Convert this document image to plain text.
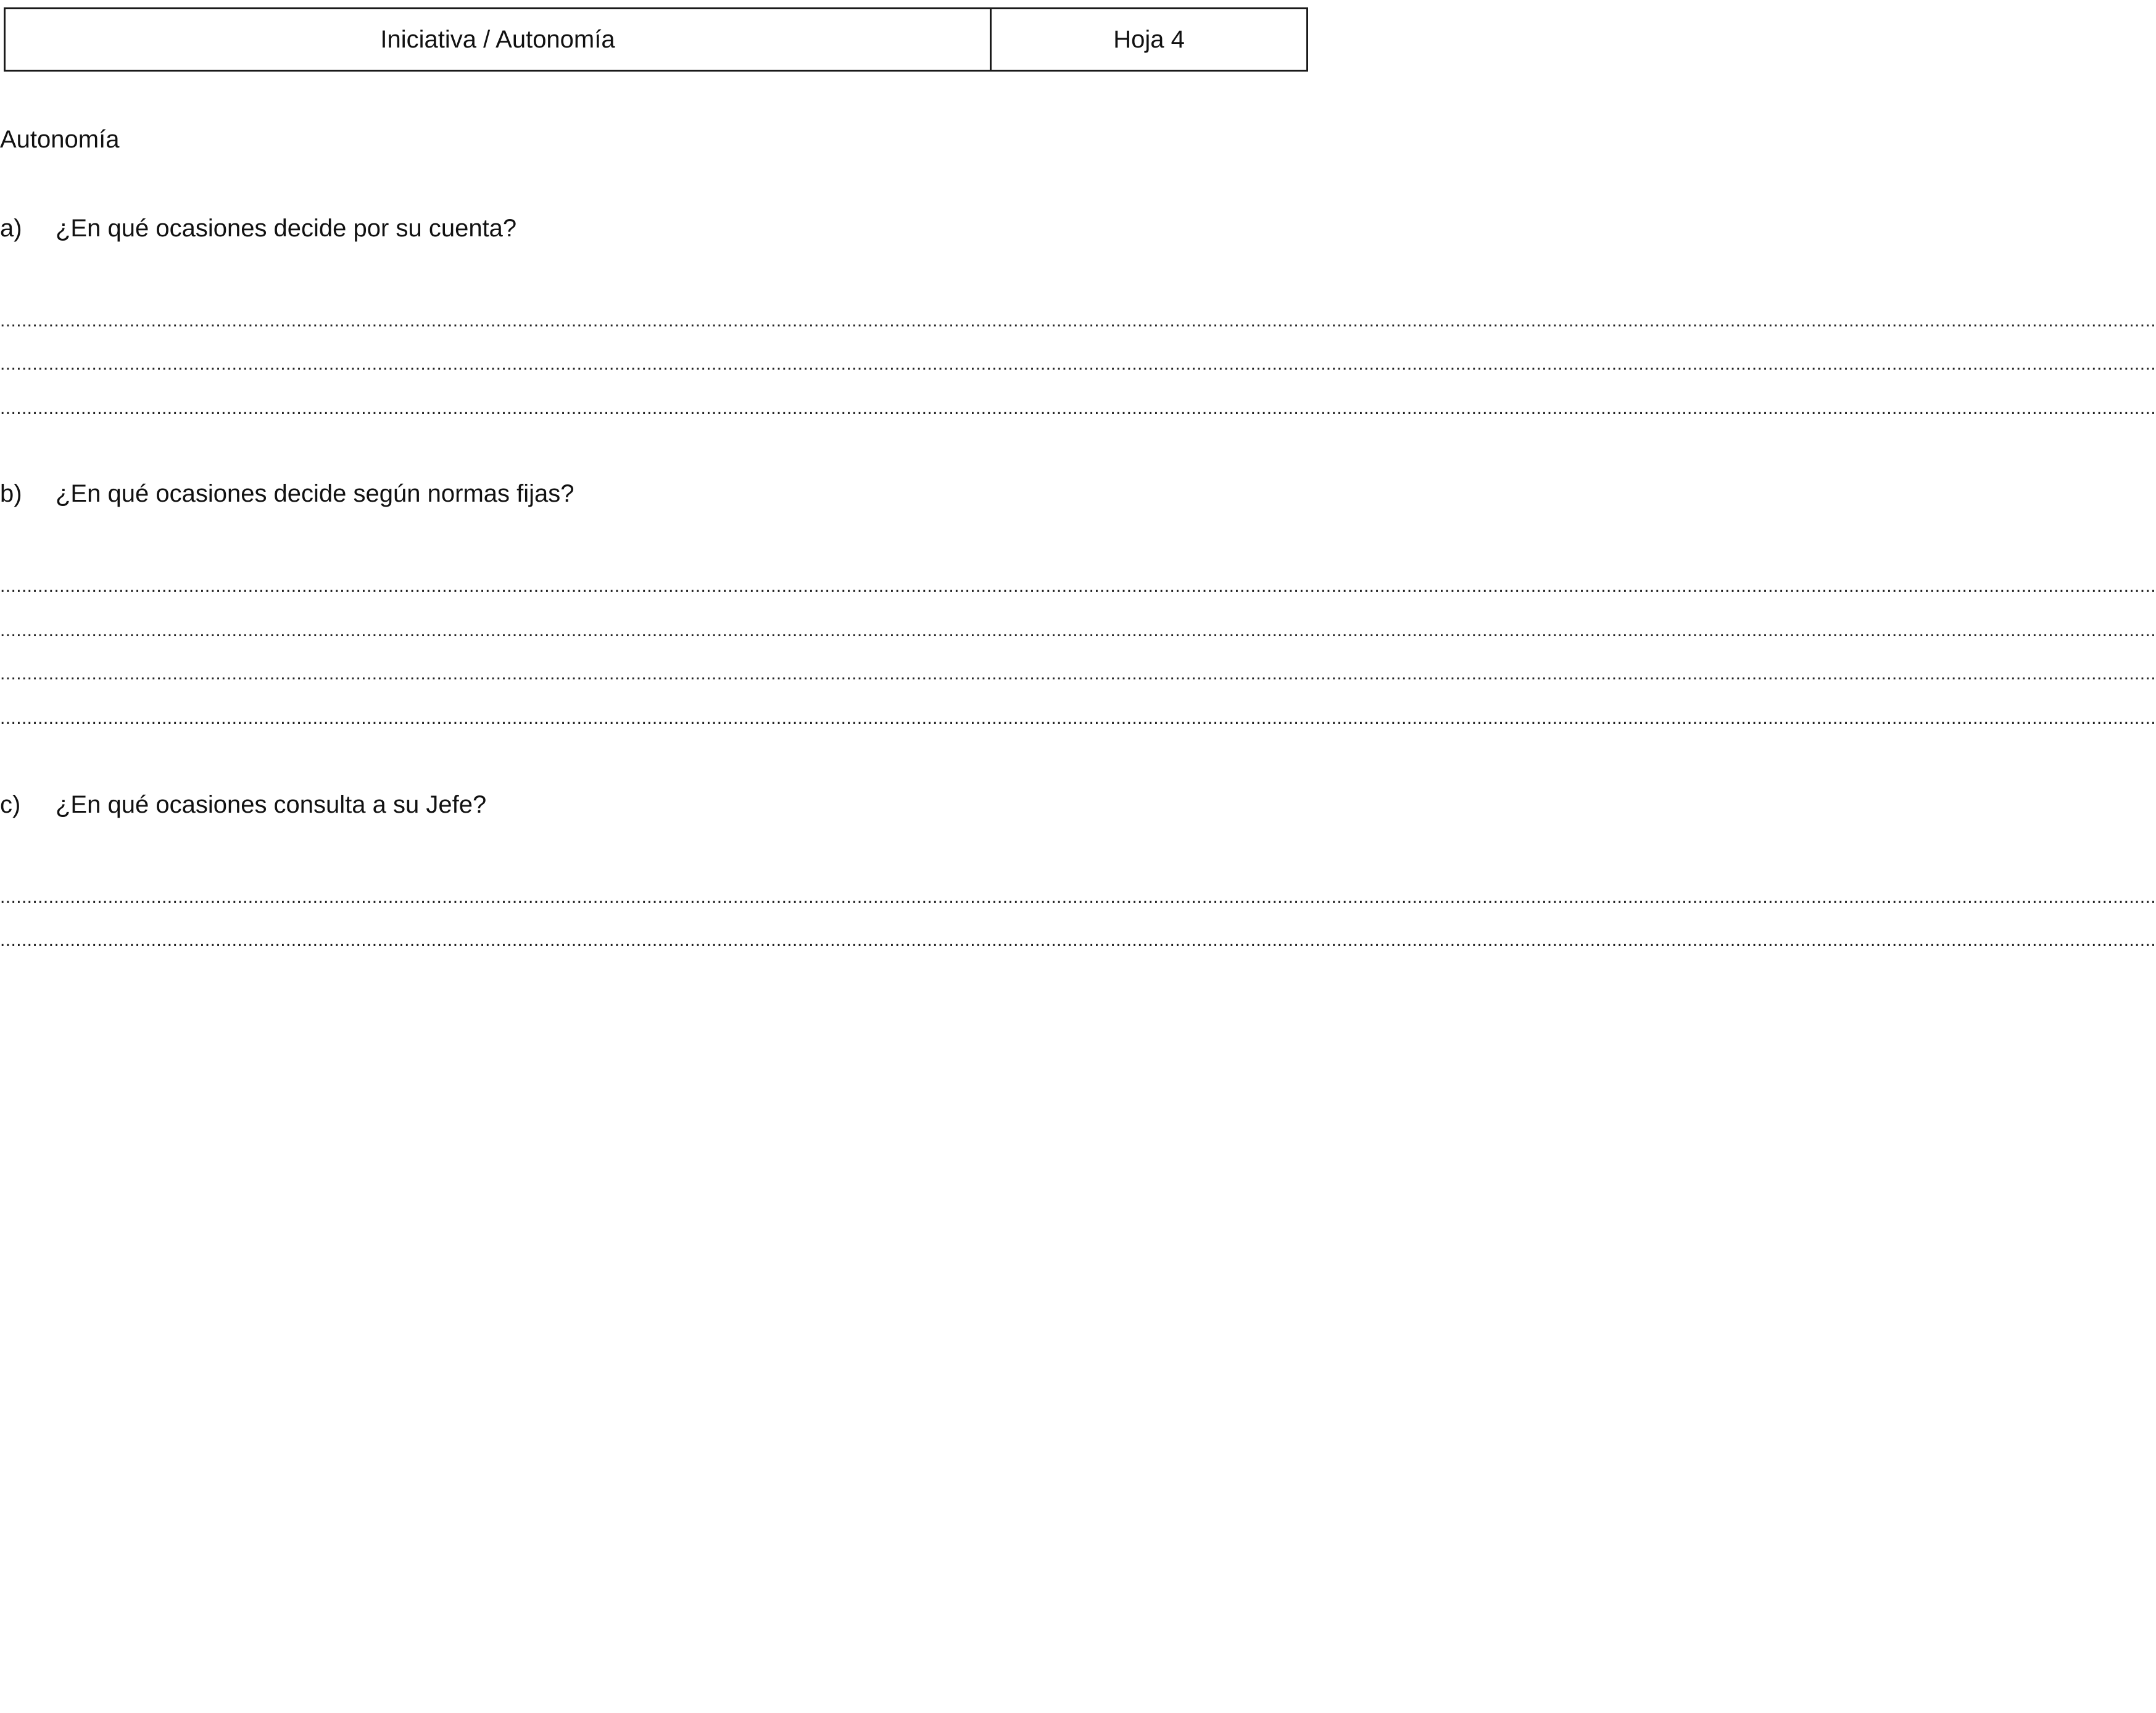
Iniciativa / Autonomía	Hoja 4
Autonomía
a)	¿En qué ocasiones decide por su cuenta?
................................................................................................................................................................................................................................................................................................................................................................................................................
................................................................................................................................................................................................................................................................................................................................................................................................................
................................................................................................................................................................................................................................................................................................................................................................................................................
b)	¿En qué ocasiones decide según normas fijas?
................................................................................................................................................................................................................................................................................................................................................................................................................
................................................................................................................................................................................................................................................................................................................................................................................................................
................................................................................................................................................................................................................................................................................................................................................................................................................
................................................................................................................................................................................................................................................................................................................................................................................................................
c)	¿En qué ocasiones consulta a su Jefe?
................................................................................................................................................................................................................................................................................................................................................................................................................
................................................................................................................................................................................................................................................................................................................................................................................................................
